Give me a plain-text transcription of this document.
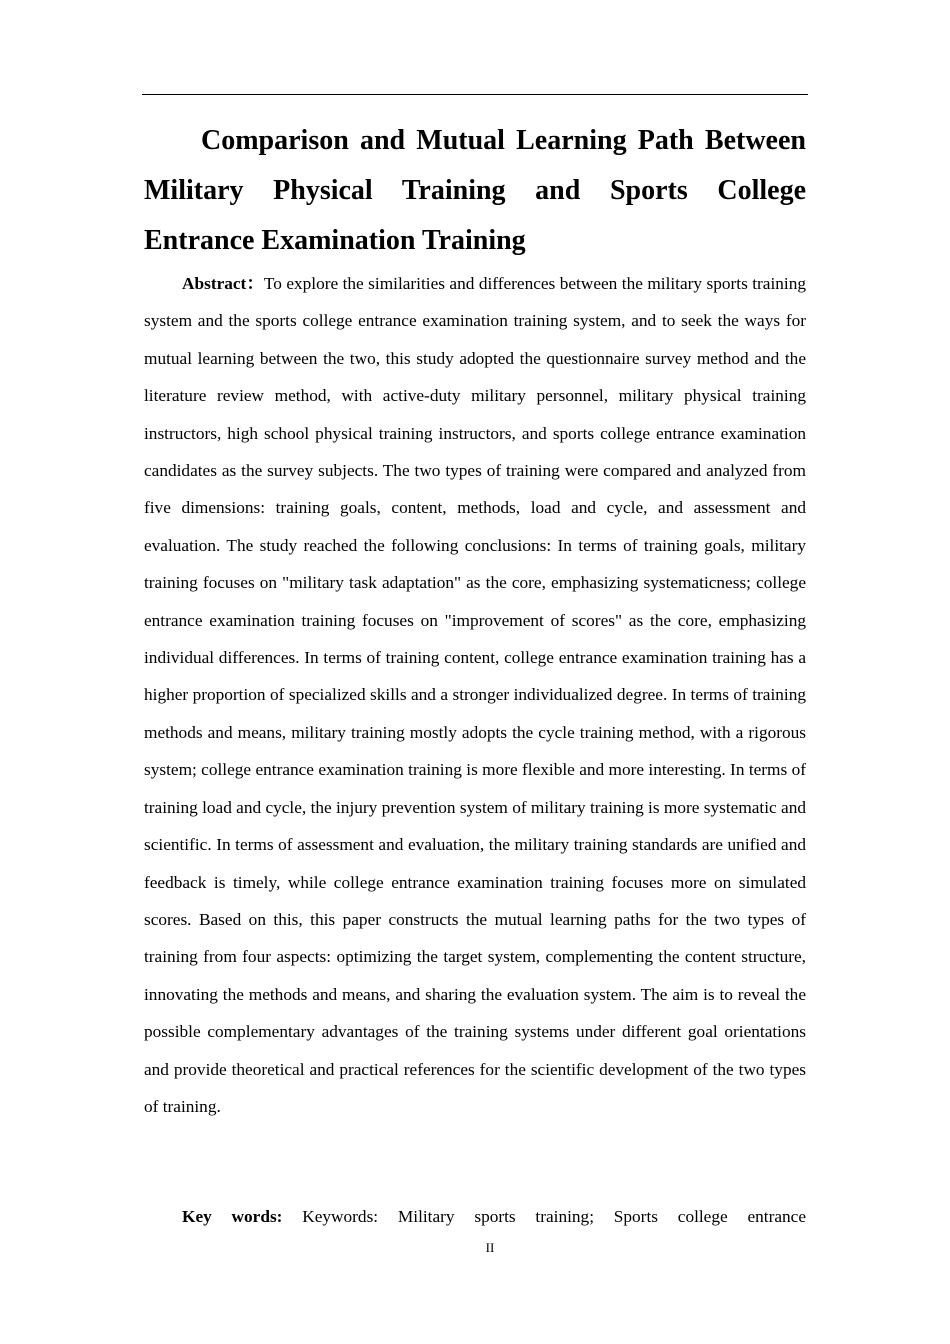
Comparison and Mutual Learning Path Between Military Physical Training and Sports College Entrance Examination Training

Abstract：To explore the similarities and differences between the military sports training system and the sports college entrance examination training system, and to seek the ways for mutual learning between the two, this study adopted the questionnaire survey method and the literature review method, with active-duty military personnel, military physical training instructors, high school physical training instructors, and sports college entrance examination candidates as the survey subjects. The two types of training were compared and analyzed from five dimensions: training goals, content, methods, load and cycle, and assessment and evaluation. The study reached the following conclusions: In terms of training goals, military training focuses on "military task adaptation" as the core, emphasizing systematicness; college entrance examination training focuses on "improvement of scores" as the core, emphasizing individual differences. In terms of training content, college entrance examination training has a higher proportion of specialized skills and a stronger individualized degree. In terms of training methods and means, military training mostly adopts the cycle training method, with a rigorous system; college entrance examination training is more flexible and more interesting. In terms of training load and cycle, the injury prevention system of military training is more systematic and scientific. In terms of assessment and evaluation, the military training standards are unified and feedback is timely, while college entrance examination training focuses more on simulated scores. Based on this, this paper constructs the mutual learning paths for the two types of training from four aspects: optimizing the target system, complementing the content structure, innovating the methods and means, and sharing the evaluation system. The aim is to reveal the possible complementary advantages of the training systems under different goal orientations and provide theoretical and practical references for the scientific development of the two types of training.

Key words: Keywords: Military sports training; Sports college entrance

II
